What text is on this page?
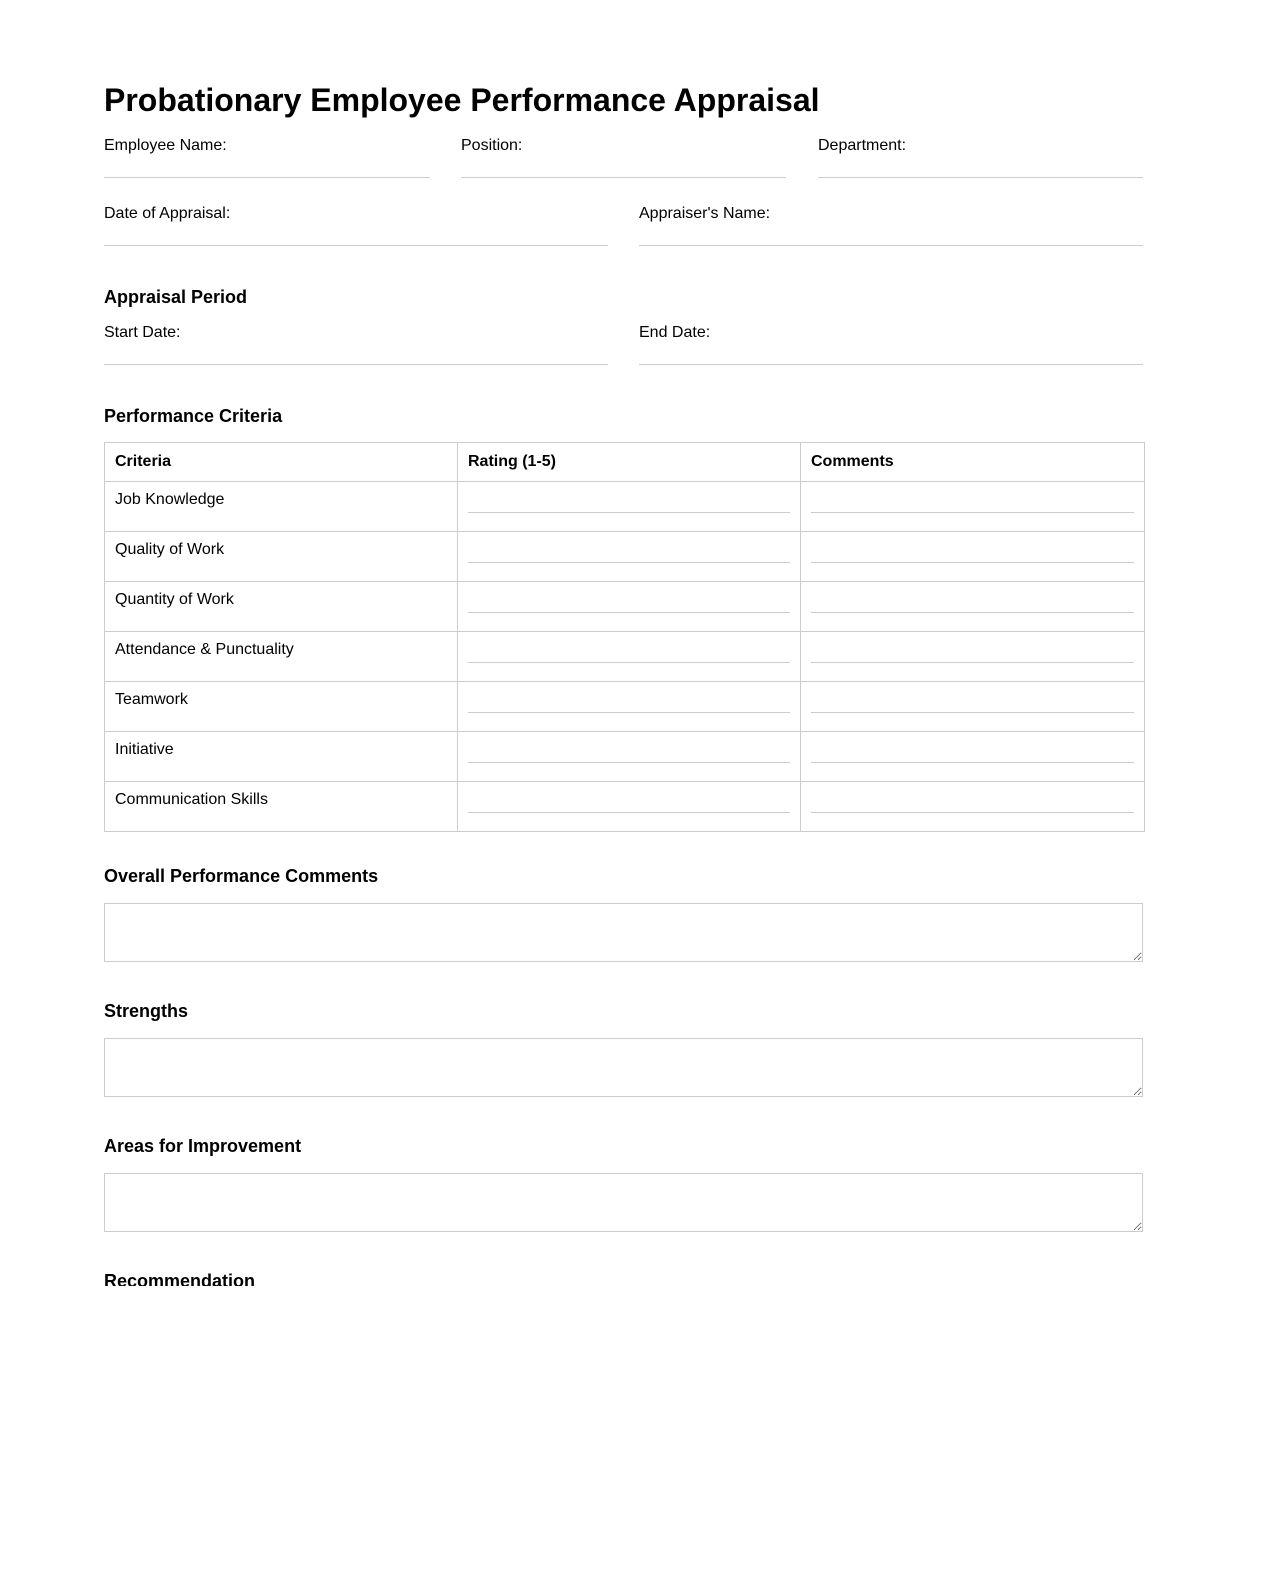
Probationary Employee Performance Appraisal
Employee Name:	Position:	Department:
Date of Appraisal:	Appraiser's Name:
Appraisal Period
Start Date:	End Date:
Performance Criteria
Criteria	Rating (1-5)	Comments
Job Knowledge	

Quality of Work	

Quantity of Work	

Attendance & Punctuality	

Teamwork	

Initiative	

Communication Skills	

Overall Performance Comments
Strengths
Areas for Improvement
Recommendation
